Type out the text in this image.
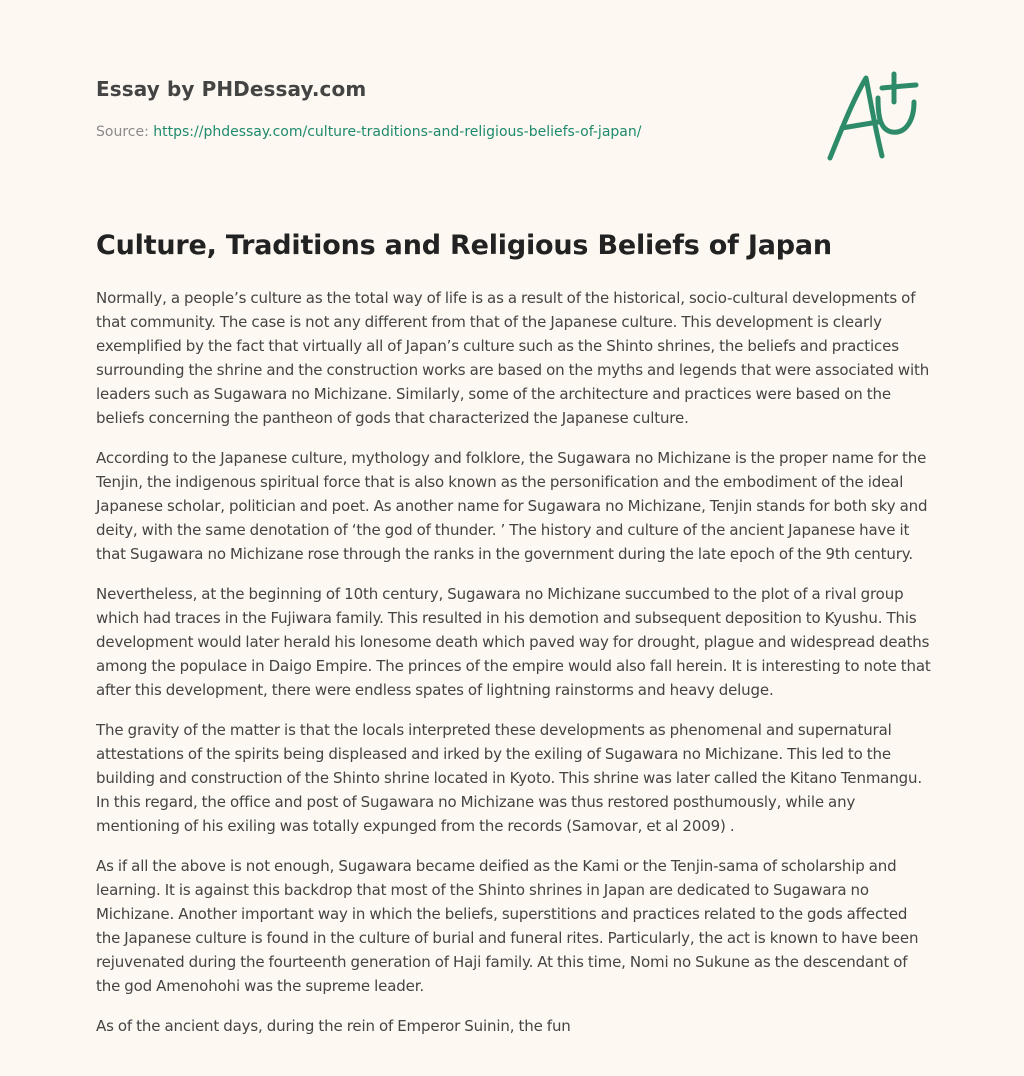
Essay by PHDessay.com
Source: https://phdessay.com/culture-traditions-and-religious-beliefs-of-japan/
Culture, Traditions and Religious Beliefs of Japan

Normally, a people’s culture as the total way of life is as a result of the historical, socio-cultural developments of that community. The case is not any different from that of the Japanese culture. This development is clearly exemplified by the fact that virtually all of Japan’s culture such as the Shinto shrines, the beliefs and practices surrounding the shrine and the construction works are based on the myths and legends that were associated with leaders such as Sugawara no Michizane. Similarly, some of the architecture and practices were based on the beliefs concerning the pantheon of gods that characterized the Japanese culture.

According to the Japanese culture, mythology and folklore, the Sugawara no Michizane is the proper name for the Tenjin, the indigenous spiritual force that is also known as the personification and the embodiment of the ideal Japanese scholar, politician and poet. As another name for Sugawara no Michizane, Tenjin stands for both sky and deity, with the same denotation of ‘the god of thunder. ’ The history and culture of the ancient Japanese have it that Sugawara no Michizane rose through the ranks in the government during the late epoch of the 9th century.

Nevertheless, at the beginning of 10th century, Sugawara no Michizane succumbed to the plot of a rival group which had traces in the Fujiwara family. This resulted in his demotion and subsequent deposition to Kyushu. This development would later herald his lonesome death which paved way for drought, plague and widespread deaths among the populace in Daigo Empire. The princes of the empire would also fall herein. It is interesting to note that after this development, there were endless spates of lightning rainstorms and heavy deluge.

The gravity of the matter is that the locals interpreted these developments as phenomenal and supernatural attestations of the spirits being displeased and irked by the exiling of Sugawara no Michizane. This led to the building and construction of the Shinto shrine located in Kyoto. This shrine was later called the Kitano Tenmangu. In this regard, the office and post of Sugawara no Michizane was thus restored posthumously, while any mentioning of his exiling was totally expunged from the records (Samovar, et al 2009) .

As if all the above is not enough, Sugawara became deified as the Kami or the Tenjin-sama of scholarship and learning. It is against this backdrop that most of the Shinto shrines in Japan are dedicated to Sugawara no Michizane. Another important way in which the beliefs, superstitions and practices related to the gods affected the Japanese culture is found in the culture of burial and funeral rites. Particularly, the act is known to have been rejuvenated during the fourteenth generation of Haji family. At this time, Nomi no Sukune as the descendant of the god Amenohohi was the supreme leader.

As of the ancient days, during the rein of Emperor Suinin, the fun
